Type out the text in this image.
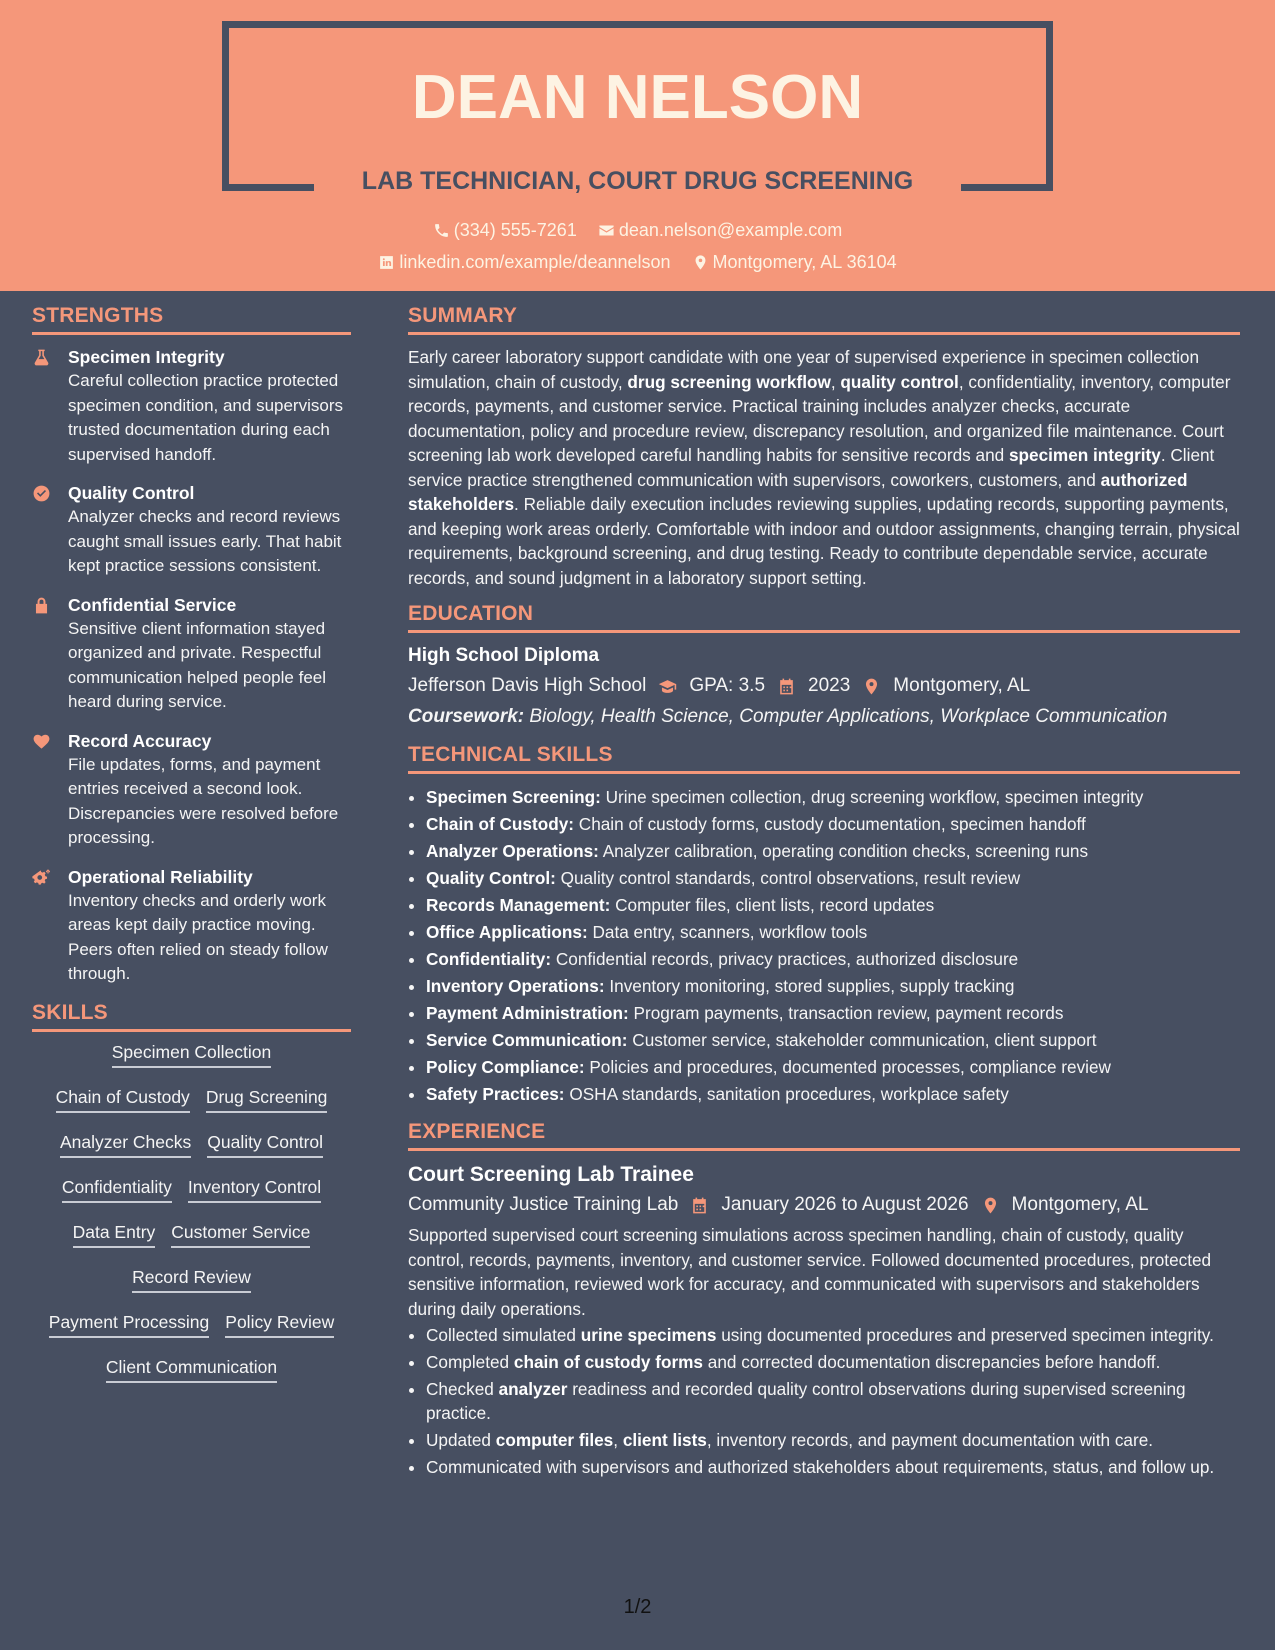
DEAN NELSON
LAB TECHNICIAN, COURT DRUG SCREENING
(334) 555-7261
dean.nelson@example.com
linkedin.com/example/deannelson
Montgomery, AL 36104
STRENGTHS
Specimen Integrity
Careful collection practice protected specimen condition, and supervisors trusted documentation during each supervised handoff.
Quality Control
Analyzer checks and record reviews caught small issues early. That habit kept practice sessions consistent.
Confidential Service
Sensitive client information stayed organized and private. Respectful communication helped people feel heard during service.
Record Accuracy
File updates, forms, and payment entries received a second look. Discrepancies were resolved before processing.
Operational Reliability
Inventory checks and orderly work areas kept daily practice moving. Peers often relied on steady follow through.
SKILLS
Specimen Collection
Chain of Custody Drug Screening
Analyzer Checks Quality Control
Confidentiality Inventory Control
Data Entry Customer Service
Record Review
Payment Processing Policy Review
Client Communication
SUMMARY

Early career laboratory support candidate with one year of supervised experience in specimen collection simulation, chain of custody, drug screening workflow, quality control, confidentiality, inventory, computer records, payments, and customer service. Practical training includes analyzer checks, accurate documentation, policy and procedure review, discrepancy resolution, and organized file maintenance. Court screening lab work developed careful handling habits for sensitive records and specimen integrity. Client service practice strengthened communication with supervisors, coworkers, customers, and authorized stakeholders. Reliable daily execution includes reviewing supplies, updating records, supporting payments, and keeping work areas orderly. Comfortable with indoor and outdoor assignments, changing terrain, physical requirements, background screening, and drug testing. Ready to contribute dependable service, accurate records, and sound judgment in a laboratory support setting.

EDUCATION
High School Diploma
Jefferson Davis High School GPA: 3.5 2023 Montgomery, AL
Coursework: Biology, Health Science, Computer Applications, Workplace Communication
TECHNICAL SKILLS
• Specimen Screening: Urine specimen collection, drug screening workflow, specimen integrity
• Chain of Custody: Chain of custody forms, custody documentation, specimen handoff
• Analyzer Operations: Analyzer calibration, operating condition checks, screening runs
• Quality Control: Quality control standards, control observations, result review
• Records Management: Computer files, client lists, record updates
• Office Applications: Data entry, scanners, workflow tools
• Confidentiality: Confidential records, privacy practices, authorized disclosure
• Inventory Operations: Inventory monitoring, stored supplies, supply tracking
• Payment Administration: Program payments, transaction review, payment records
• Service Communication: Customer service, stakeholder communication, client support
• Policy Compliance: Policies and procedures, documented processes, compliance review
• Safety Practices: OSHA standards, sanitation procedures, workplace safety
EXPERIENCE
Court Screening Lab Trainee
Community Justice Training Lab January 2026 to August 2026 Montgomery, AL

Supported supervised court screening simulations across specimen handling, chain of custody, quality control, records, payments, inventory, and customer service. Followed documented procedures, protected sensitive information, reviewed work for accuracy, and communicated with supervisors and stakeholders during daily operations.

• Collected simulated urine specimens using documented procedures and preserved specimen integrity.
• Completed chain of custody forms and corrected documentation discrepancies before handoff.
• Checked analyzer readiness and recorded quality control observations during supervised screening practice.
• Updated computer files, client lists, inventory records, and payment documentation with care.
• Communicated with supervisors and authorized stakeholders about requirements, status, and follow up.
1/2
